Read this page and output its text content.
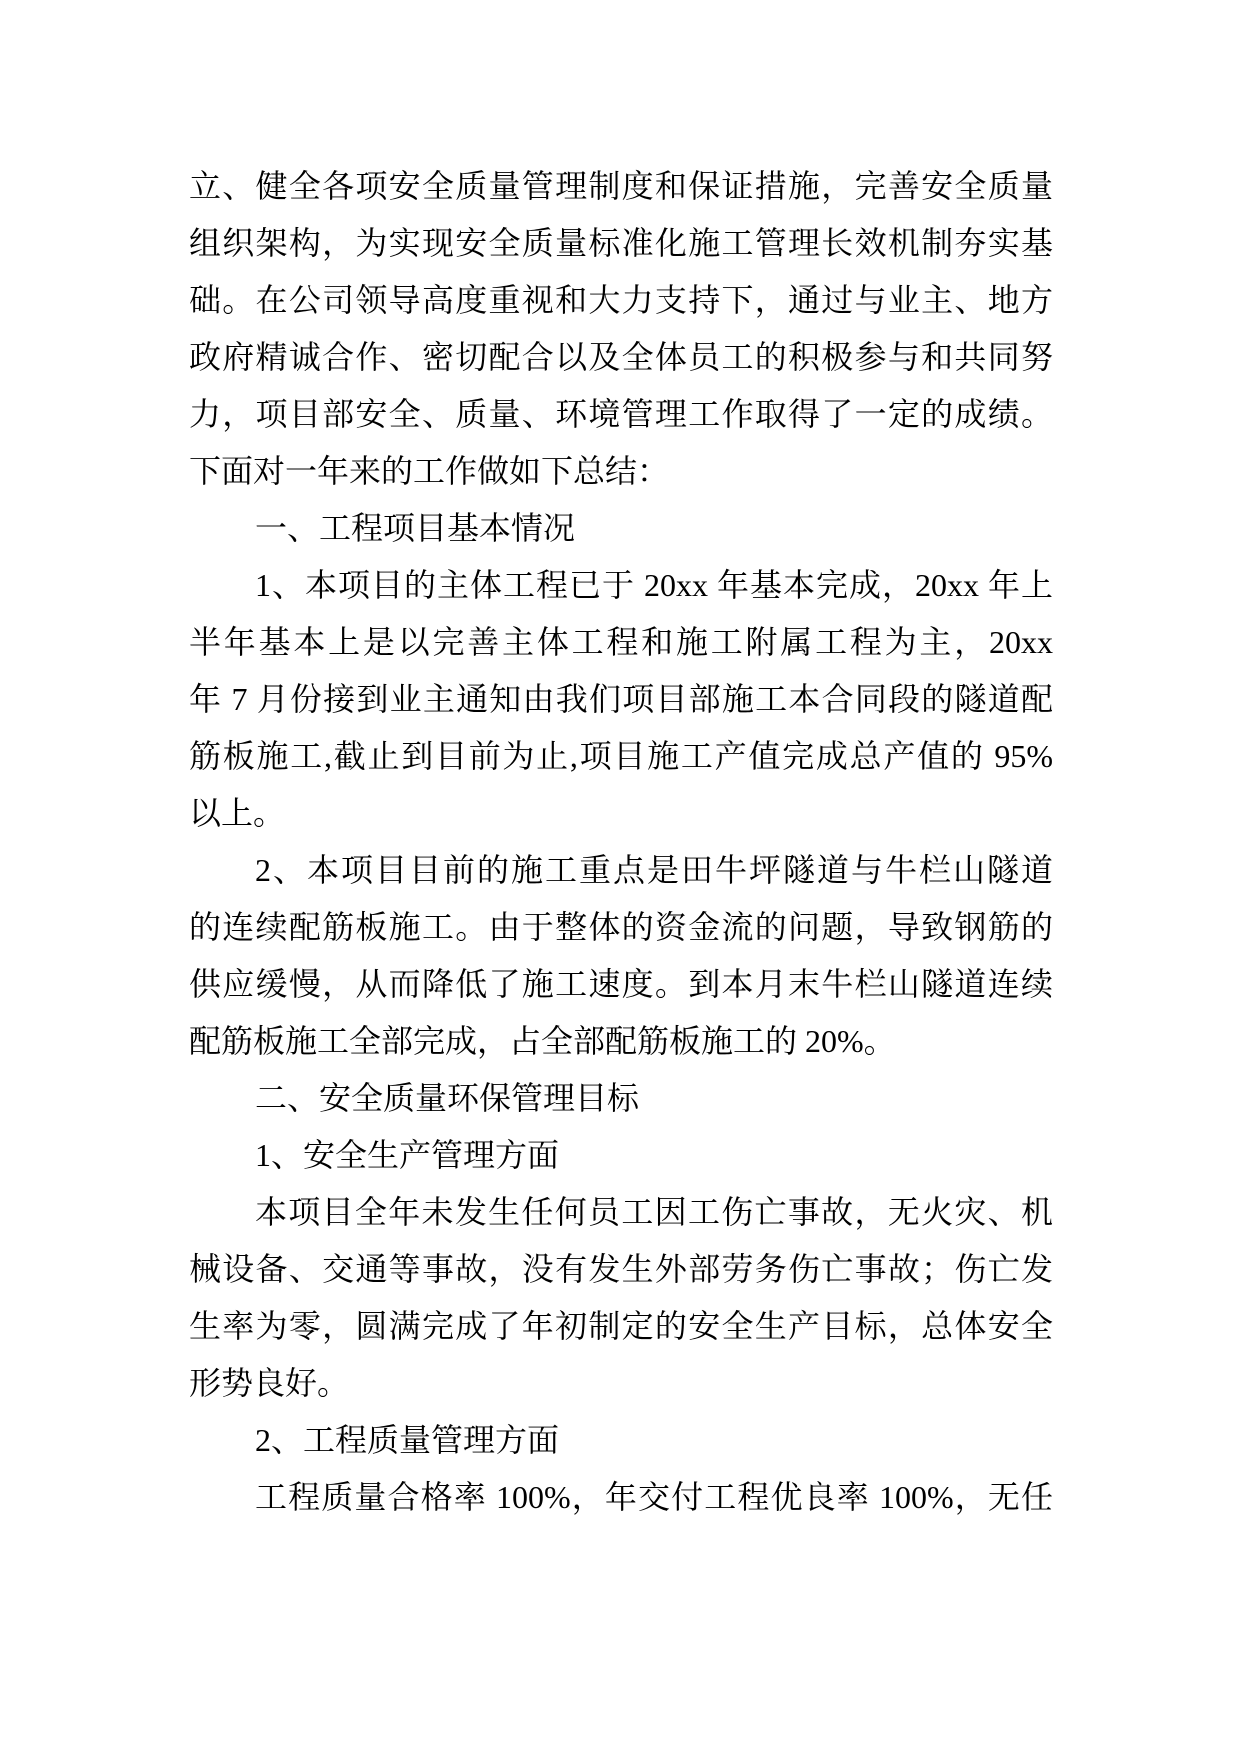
立、健全各项安全质量管理制度和保证措施，完善安全质量
组织架构，为实现安全质量标准化施工管理长效机制夯实基
础。在公司领导高度重视和大力支持下，通过与业主、地方
政府精诚合作、密切配合以及全体员工的积极参与和共同努
力，项目部安全、质量、环境管理工作取得了一定的成绩。
下面对一年来的工作做如下总结：
一、工程项目基本情况
1、本项目的主体工程已于 20xx 年基本完成，20xx 年上
半年基本上是以完善主体工程和施工附属工程为主，20xx
年 7 月份接到业主通知由我们项目部施工本合同段的隧道配
筋板施工,截止到目前为止,项目施工产值完成总产值的 95%
以上。
2、本项目目前的施工重点是田牛坪隧道与牛栏山隧道
的连续配筋板施工。由于整体的资金流的问题，导致钢筋的
供应缓慢，从而降低了施工速度。到本月末牛栏山隧道连续
配筋板施工全部完成，占全部配筋板施工的 20%。
二、安全质量环保管理目标
1、安全生产管理方面
本项目全年未发生任何员工因工伤亡事故，无火灾、机
械设备、交通等事故，没有发生外部劳务伤亡事故；伤亡发
生率为零，圆满完成了年初制定的安全生产目标，总体安全
形势良好。
2、工程质量管理方面
工程质量合格率 100%，年交付工程优良率 100%，无任
